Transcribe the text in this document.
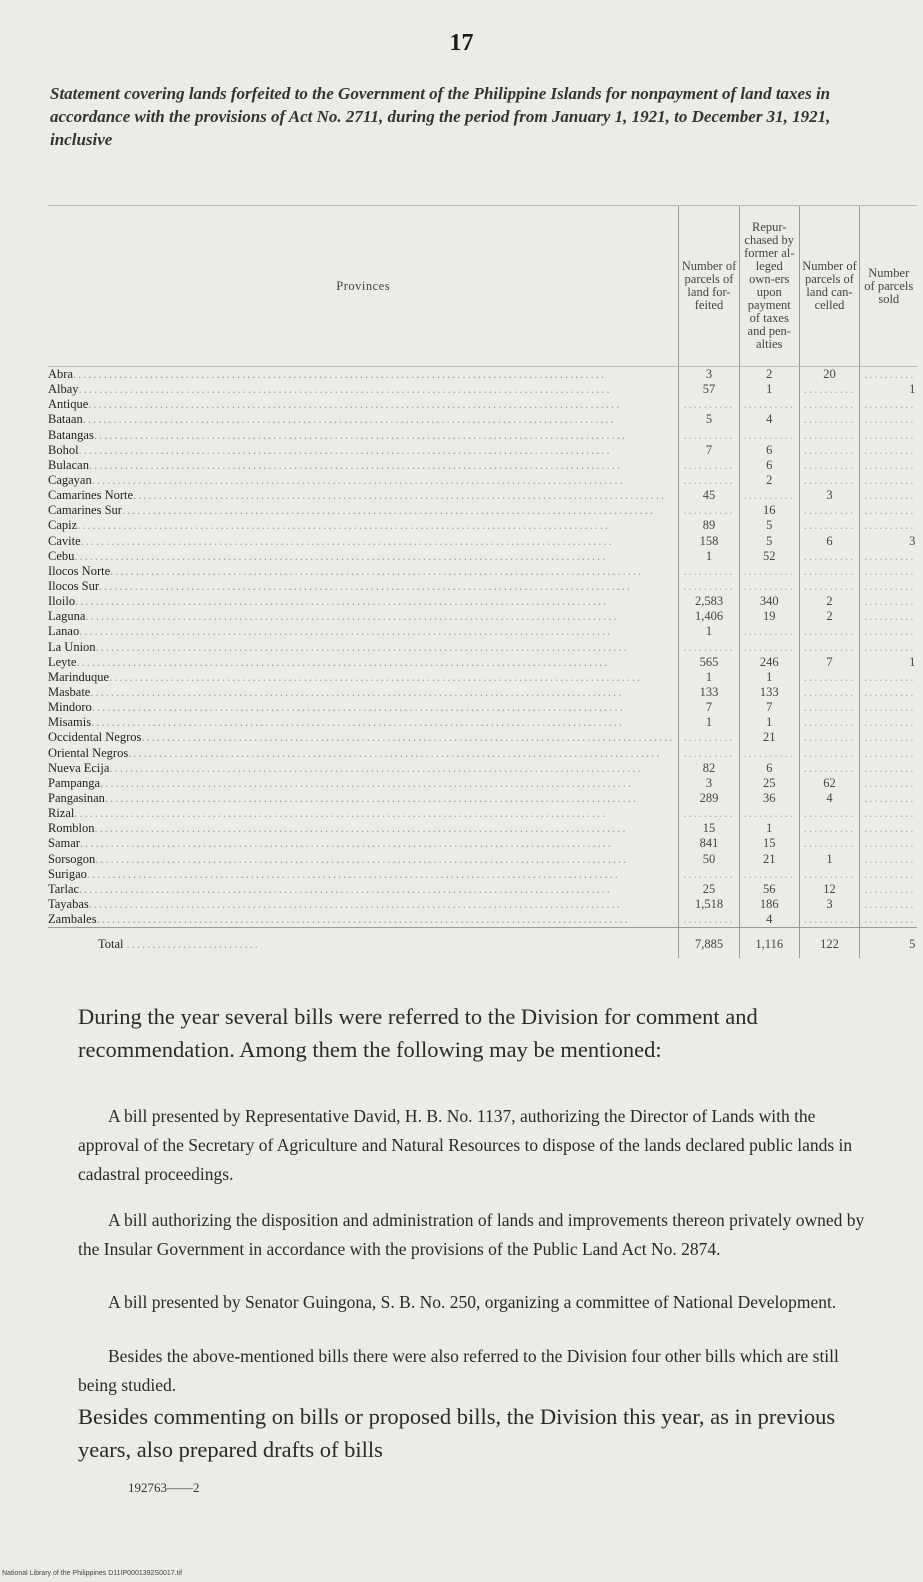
17
Statement covering lands forfeited to the Government of the Philippine Islands for nonpayment of land taxes in accordance with the provisions of Act No. 2711, during the period from January 1, 1921, to December 31, 1921, inclusive
Provinces	Number of parcels of land for-feited	Repur-chased by former al-leged own-ers upon payment of taxes and pen-alties	Number of parcels of land can-celled	Number of parcels sold
Abra........................................................................................................	3	2	20	..........
Albay........................................................................................................	57	1	..........	1
Antique........................................................................................................	..........	..........	..........	..........
Bataan........................................................................................................	5	4	..........	..........
Batangas........................................................................................................	..........	..........	..........	..........
Bohol........................................................................................................	7	6	..........	..........
Bulacan........................................................................................................	..........	6	..........	..........
Cagayan........................................................................................................	..........	2	..........	..........
Camarines Norte........................................................................................................	45	..........	3	..........
Camarines Sur........................................................................................................	..........	16	..........	..........
Capiz........................................................................................................	89	5	..........	..........
Cavite........................................................................................................	158	5	6	3
Cebu........................................................................................................	1	52	..........	..........
Ilocos Norte........................................................................................................	..........	..........	..........	..........
Ilocos Sur........................................................................................................	..........	..........	..........	..........
Iloilo........................................................................................................	2,583	340	2	..........
Laguna........................................................................................................	1,406	19	2	..........
Lanao........................................................................................................	1	..........	..........	..........
La Union........................................................................................................	..........	..........	..........	..........
Leyte........................................................................................................	565	246	7	1
Marinduque........................................................................................................	1	1	..........	..........
Masbate........................................................................................................	133	133	..........	..........
Mindoro........................................................................................................	7	7	..........	..........
Misamis........................................................................................................	1	1	..........	..........
Occidental Negros........................................................................................................	..........	21	..........	..........
Oriental Negros........................................................................................................	..........	..........	..........	..........
Nueva Ecija........................................................................................................	82	6	..........	..........
Pampanga........................................................................................................	3	25	62	..........
Pangasinan........................................................................................................	289	36	4	..........
Rizal........................................................................................................	..........	..........	..........	..........
Romblon........................................................................................................	15	1	..........	..........
Samar........................................................................................................	841	15	..........	..........
Sorsogon........................................................................................................	50	21	1	..........
Surigao........................................................................................................	..........	..........	..........	..........
Tarlac........................................................................................................	25	56	12	..........
Tayabas........................................................................................................	1,518	186	3	..........
Zambales........................................................................................................	..........	4	..........	..........
Total ..........................	7,885	1,116	122	5
During the year several bills were referred to the Division for comment and recommendation. Among them the following may be mentioned:
A bill presented by Representative David, H. B. No. 1137, authorizing the Director of Lands with the approval of the Secretary of Agriculture and Natural Resources to dispose of the lands declared public lands in cadastral proceedings.
A bill authorizing the disposition and administration of lands and improvements thereon privately owned by the Insular Government in accordance with the provisions of the Public Land Act No. 2874.
A bill presented by Senator Guingona, S. B. No. 250, organizing a committee of National Development.
Besides the above-mentioned bills there were also referred to the Division four other bills which are still being studied.
Besides commenting on bills or proposed bills, the Division this year, as in previous years, also prepared drafts of bills
192763——2
National Library of the Philippines D11IP0001392S0017.tif
